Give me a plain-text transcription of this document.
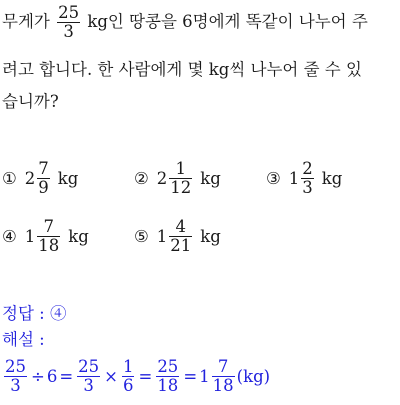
무게가 $\frac{25}{3}$ kg인 땅콩을 6명에게 똑같이 나누어 주
려고 합니다. 한 사람에게 몇 kg씩 나누어 줄 수 있
습니까?
① $2 \frac{7}{9}$ kg	② $2 \frac{1}{12}$ kg	③ $1 \frac{2}{3}$ kg
④ $1 \frac{7}{18}$ kg	⑤ $1 \frac{4}{21}$ kg
정답 : ④
해설 :
$\frac{25}{3} \div 6 = \frac{25}{3} \times \frac{1}{6} = \frac{25}{18} = 1 \frac{7}{18} (kg)$
